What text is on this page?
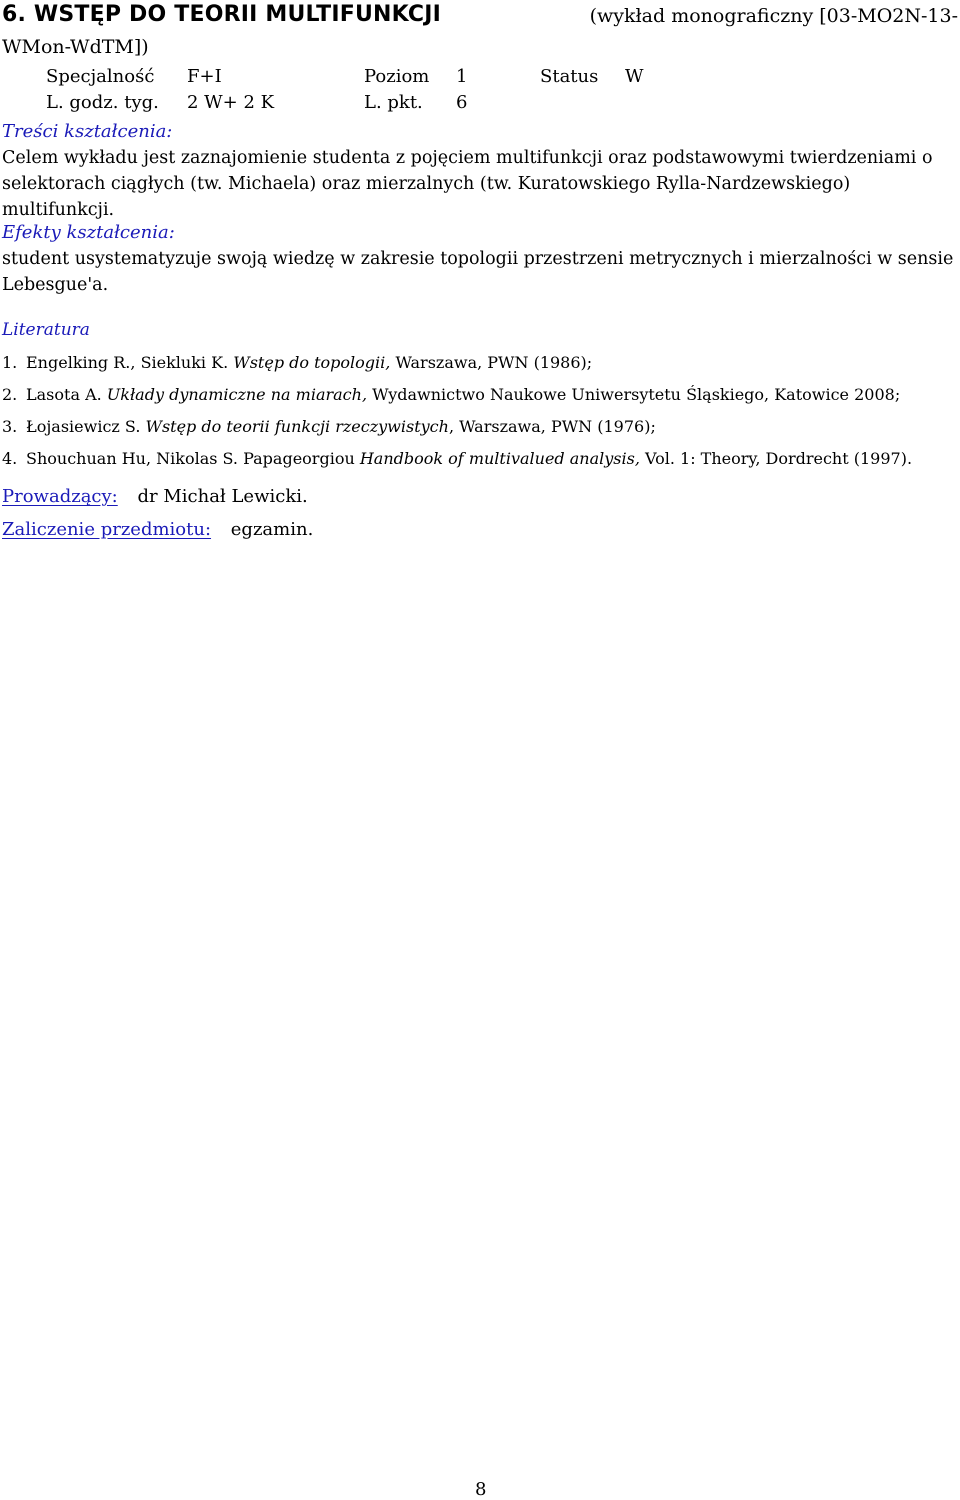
6. WSTĘP DO TEORII MULTIFUNKCJI	(wykład monograficzny [03-MO2N-13-
WMon-WdTM])
Specjalność F+I	Poziom 1	Status W
L. godz. tyg. 2 W+ 2 K	L. pkt. 6
Treści kształcenia:
Celem wykładu jest zaznajomienie studenta z pojęciem multifunkcji oraz podstawowymi twierdzeniami o selektorach ciągłych (tw. Michaela) oraz mierzalnych (tw. Kuratowskiego Rylla-Nardzewskiego) multifunkcji.
Efekty kształcenia:
student usystematyzuje swoją wiedzę w zakresie topologii przestrzeni metrycznych i mierzalności w sensie Lebesgue'a.
Literatura
1. Engelking R., Siekluki K. Wstęp do topologii, Warszawa, PWN (1986);
2. Lasota A. Układy dynamiczne na miarach, Wydawnictwo Naukowe Uniwersytetu Śląskiego, Katowice 2008;
3. Łojasiewicz S. Wstęp do teorii funkcji rzeczywistych, Warszawa, PWN (1976);
4. Shouchuan Hu, Nikolas S. Papageorgiou Handbook of multivalued analysis, Vol. 1: Theory, Dordrecht (1997).
Prowadzący: dr Michał Lewicki.
Zaliczenie przedmiotu: egzamin.
8
